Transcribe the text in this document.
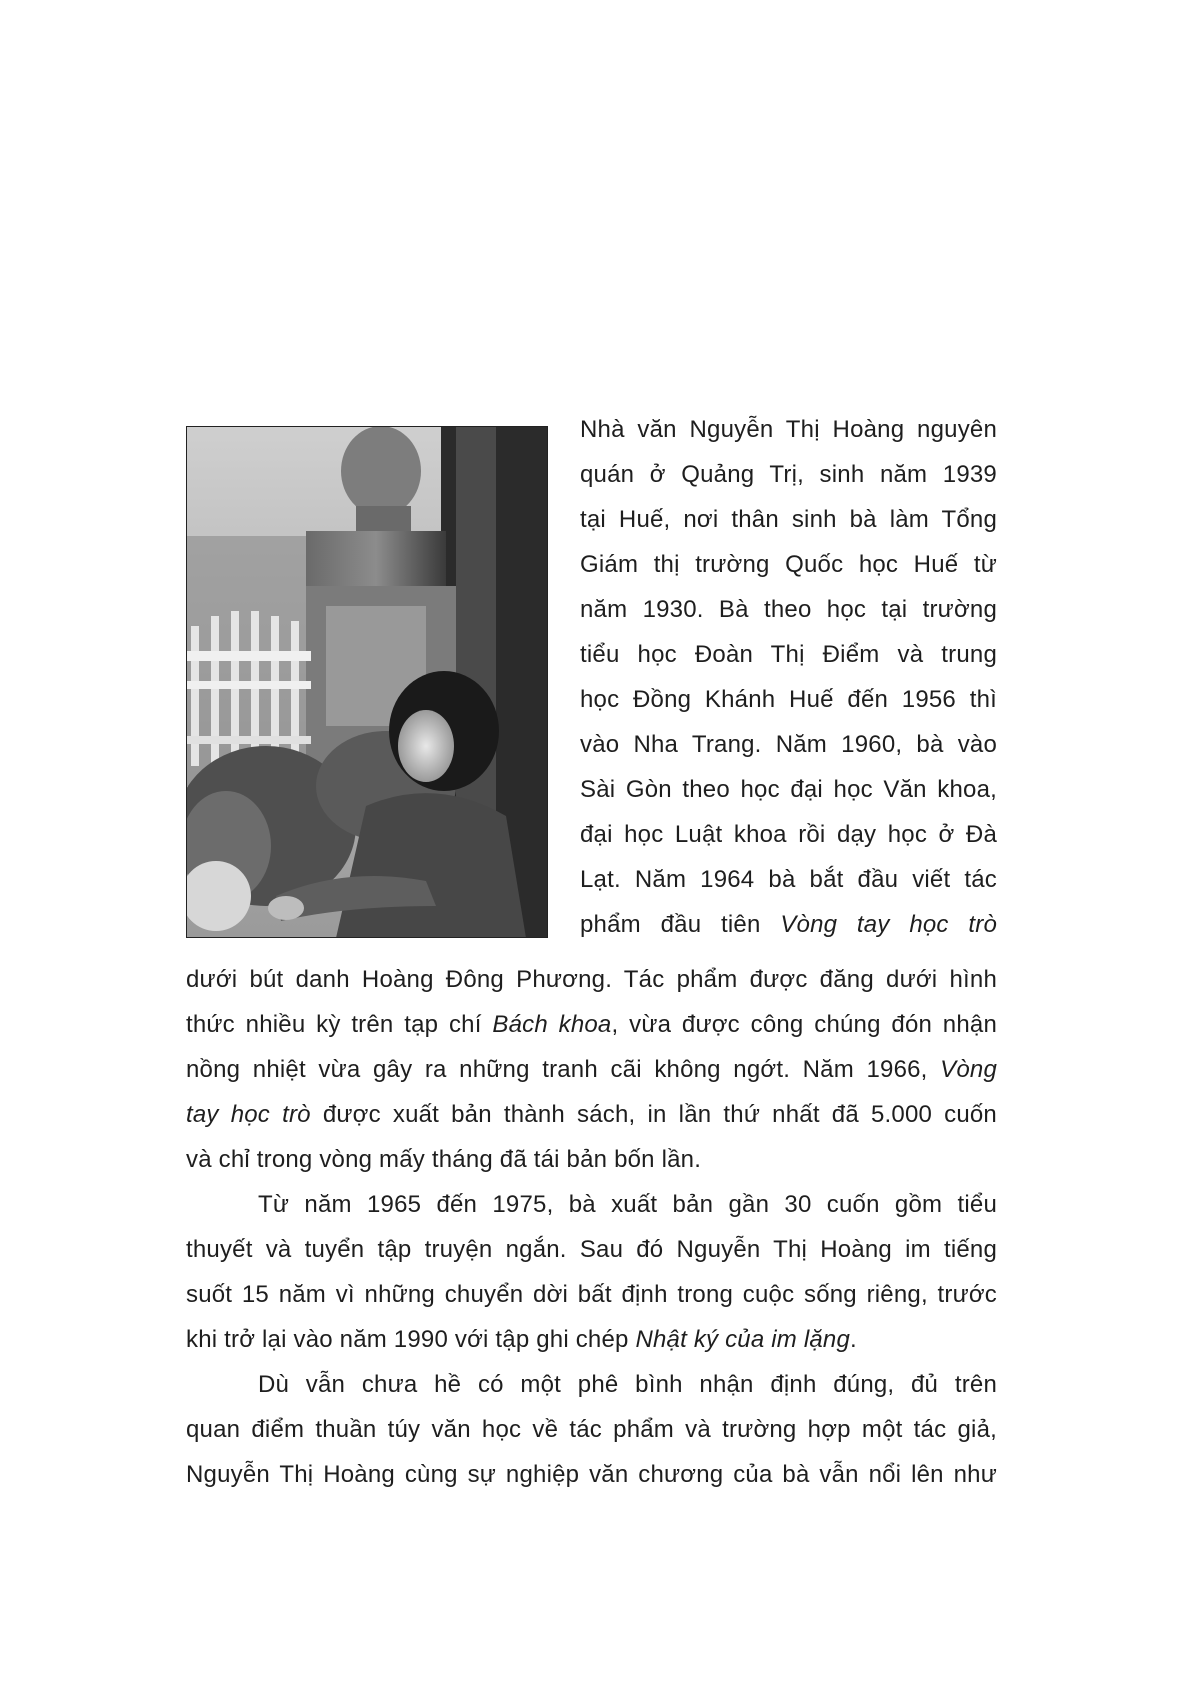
Nhà văn Nguyễn Thị Hoàng nguyên
quán ở Quảng Trị, sinh năm 1939
tại Huế, nơi thân sinh bà làm Tổng
Giám thị trường Quốc học Huế từ
năm 1930. Bà theo học tại trường
tiểu học Đoàn Thị Điểm và trung
học Đồng Khánh Huế đến 1956 thì
vào Nha Trang. Năm 1960, bà vào
Sài Gòn theo học đại học Văn khoa,
đại học Luật khoa rồi dạy học ở Đà
Lạt. Năm 1964 bà bắt đầu viết tác
phẩm đầu tiên Vòng tay học trò
dưới bút danh Hoàng Đông Phương. Tác phẩm được đăng dưới hình
thức nhiều kỳ trên tạp chí Bách khoa, vừa được công chúng đón nhận
nồng nhiệt vừa gây ra những tranh cãi không ngớt. Năm 1966, Vòng
tay học trò được xuất bản thành sách, in lần thứ nhất đã 5.000 cuốn
và chỉ trong vòng mấy tháng đã tái bản bốn lần.
Từ năm 1965 đến 1975, bà xuất bản gần 30 cuốn gồm tiểu
thuyết và tuyển tập truyện ngắn. Sau đó Nguyễn Thị Hoàng im tiếng
suốt 15 năm vì những chuyển dời bất định trong cuộc sống riêng, trước
khi trở lại vào năm 1990 với tập ghi chép Nhật ký của im lặng.
Dù vẫn chưa hề có một phê bình nhận định đúng, đủ trên
quan điểm thuần túy văn học về tác phẩm và trường hợp một tác giả,
Nguyễn Thị Hoàng cùng sự nghiệp văn chương của bà vẫn nổi lên như
